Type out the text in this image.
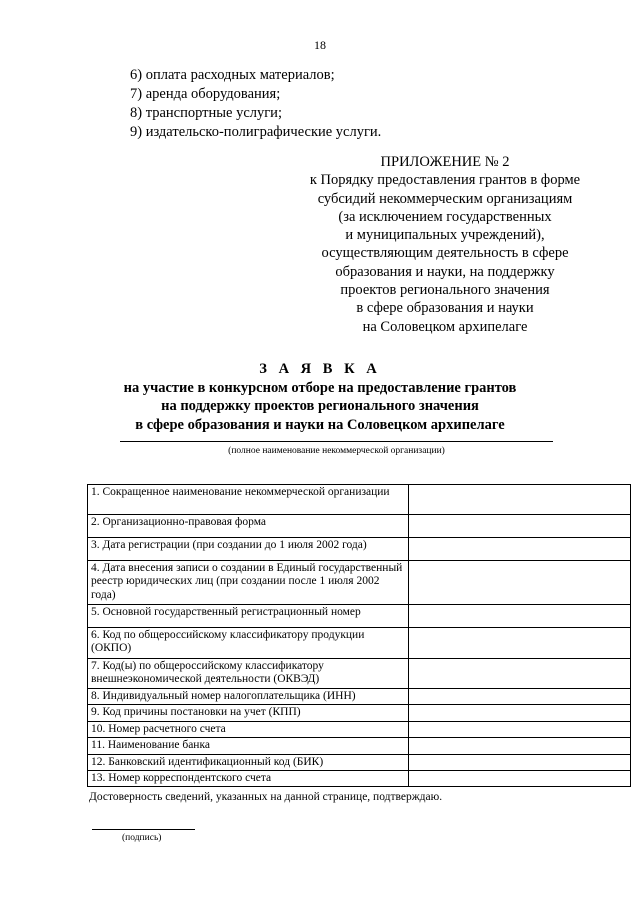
18
6) оплата расходных материалов;
7) аренда оборудования;
8) транспортные услуги;
9) издательско-полиграфические услуги.
ПРИЛОЖЕНИЕ № 2
к Порядку предоставления грантов в форме
субсидий некоммерческим организациям
(за исключением государственных
и муниципальных учреждений),
осуществляющим деятельность в сфере
образования и науки, на поддержку
проектов регионального значения
в сфере образования и науки
на Соловецком архипелаге
З А Я В К А
на участие в конкурсном отборе на предоставление грантов
на поддержку проектов регионального значения
в сфере образования и науки на Соловецком архипелаге
(полное наименование некоммерческой организации)
1. Сокращенное наименование некоммерческой организации	
2. Организационно-правовая форма	
3. Дата регистрации (при создании до 1 июля 2002 года)	
4. Дата внесения записи о создании в Единый государственный реестр юридических лиц (при создании после 1 июля 2002 года)	
5. Основной государственный регистрационный номер	
6. Код по общероссийскому классификатору продукции (ОКПО)	
7. Код(ы) по общероссийскому классификатору внешнеэкономической деятельности (ОКВЭД)	
8. Индивидуальный номер налогоплательщика (ИНН)	
9. Код причины постановки на учет (КПП)	
10. Номер расчетного счета	
11. Наименование банка	
12. Банковский идентификационный код (БИК)	
13. Номер корреспондентского счета	
Достоверность сведений, указанных на данной странице, подтверждаю.
(подпись)
